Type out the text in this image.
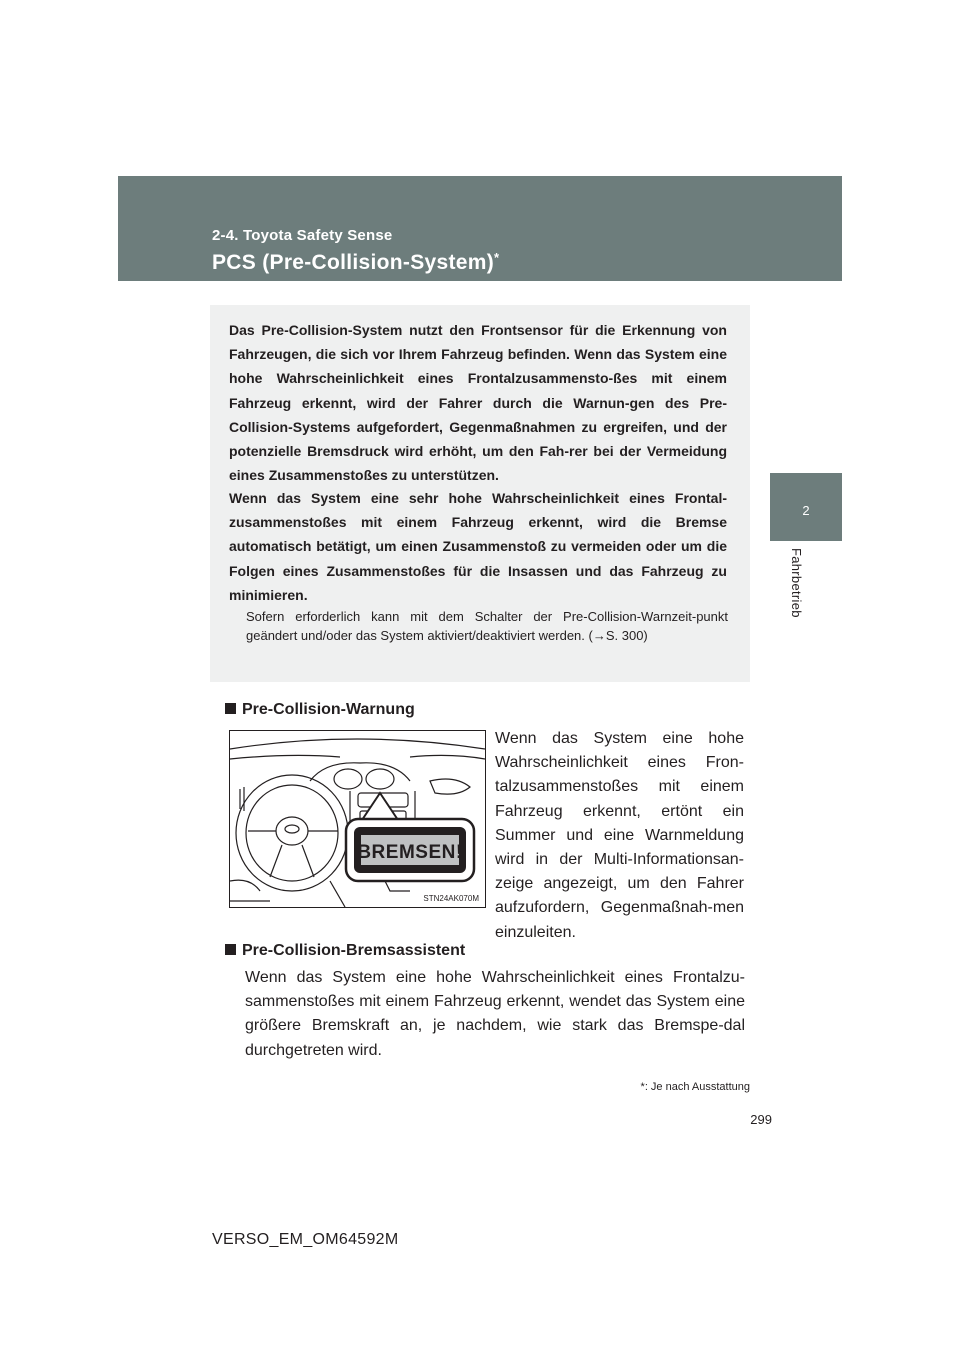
2-4. Toyota Safety Sense
PCS (Pre-Collision-System)*
2
Fahrbetrieb

Das Pre-Collision-System nutzt den Frontsensor für die Erkennung von Fahrzeugen, die sich vor Ihrem Fahrzeug befinden. Wenn das System eine hohe Wahrscheinlichkeit eines Frontalzusammensto-ßes mit einem Fahrzeug erkennt, wird der Fahrer durch die Warnun-gen des Pre-Collision-Systems aufgefordert, Gegenmaßnahmen zu ergreifen, und der potenzielle Bremsdruck wird erhöht, um den Fah-rer bei der Vermeidung eines Zusammenstoßes zu unterstützen.

Wenn das System eine sehr hohe Wahrscheinlichkeit eines Frontal-zusammenstoßes mit einem Fahrzeug erkennt, wird die Bremse automatisch betätigt, um einen Zusammenstoß zu vermeiden oder um die Folgen eines Zusammenstoßes für die Insassen und das Fahrzeug zu minimieren.

Sofern erforderlich kann mit dem Schalter der Pre-Collision-Warnzeit-punkt geändert und/oder das System aktiviert/deaktiviert werden. (→S. 300)

Pre-Collision-Warnung
BREMSEN!
STN24AK070M

Wenn das System eine hohe Wahrscheinlichkeit eines Fron-talzusammenstoßes mit einem Fahrzeug erkennt, ertönt ein Summer und eine Warnmeldung wird in der Multi-Informationsan-zeige angezeigt, um den Fahrer aufzufordern, Gegenmaßnah-men einzuleiten.

Pre-Collision-Bremsassistent

Wenn das System eine hohe Wahrscheinlichkeit eines Frontalzu-sammenstoßes mit einem Fahrzeug erkennt, wendet das System eine größere Bremskraft an, je nachdem, wie stark das Bremspe-dal durchgetreten wird.

*: Je nach Ausstattung
299
VERSO_EM_OM64592M
